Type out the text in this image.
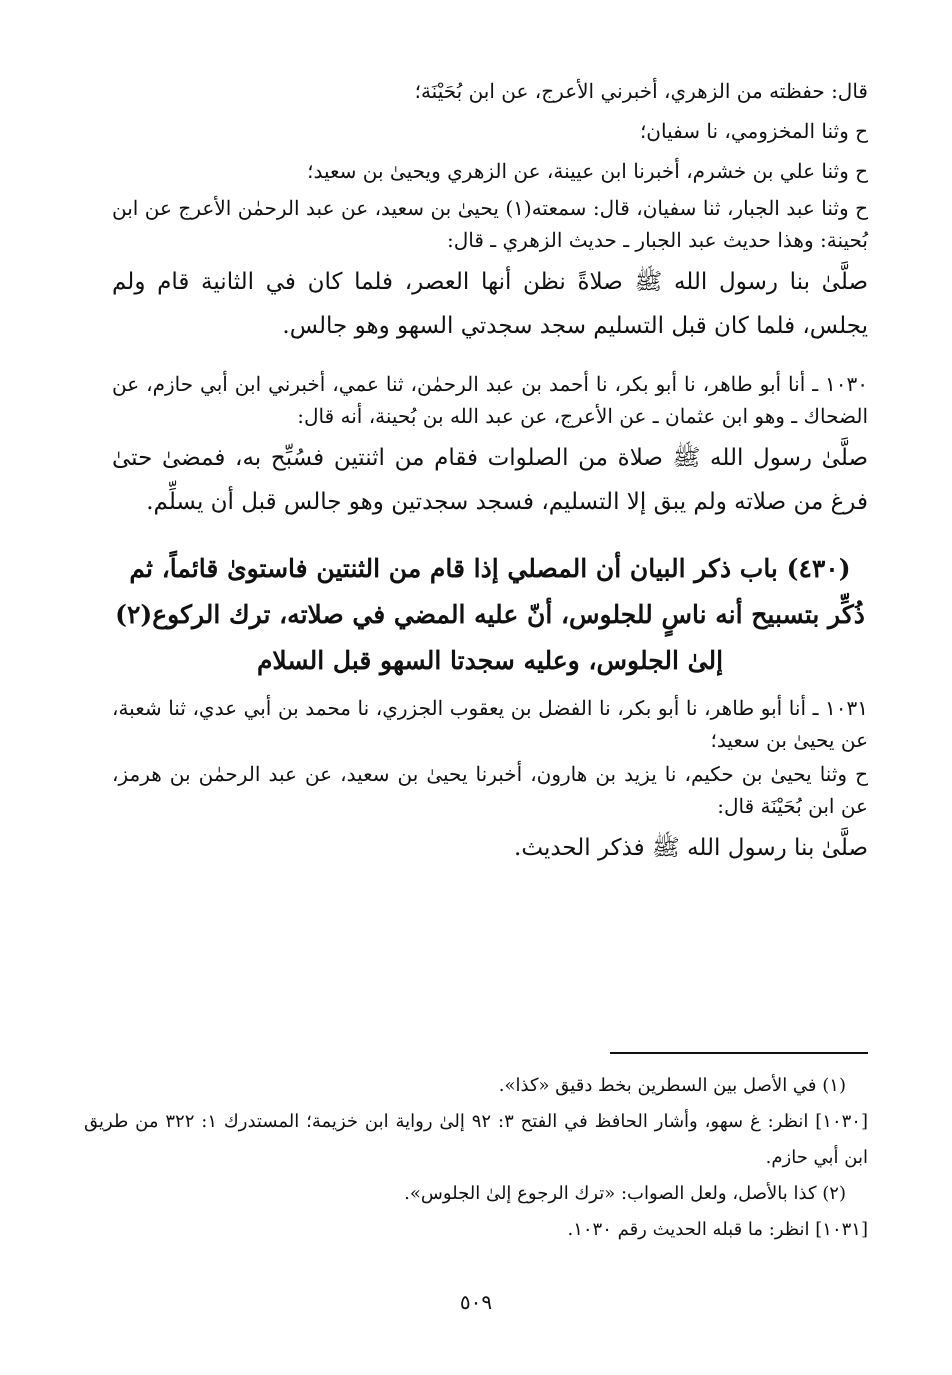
قال: حفظته من الزهري، أخبرني الأعرج، عن ابن بُحَيْنَة؛

ح وثنا المخزومي، نا سفيان؛

ح وثنا علي بن خشرم، أخبرنا ابن عيينة، عن الزهري ويحيىٰ بن سعيد؛

ح وثنا عبد الجبار، ثنا سفيان، قال: سمعته(١) يحيىٰ بن سعيد، عن عبد الرحمٰن الأعرج عن ابن بُحينة: وهذا حديث عبد الجبار ـ حديث الزهري ـ قال:

صلَّىٰ بنا رسول الله ﷺ صلاةً نظن أنها العصر، فلما كان في الثانية قام ولم يجلس، فلما كان قبل التسليم سجد سجدتي السهو وهو جالس.

١٠٣٠ ـ أنا أبو طاهر، نا أبو بكر، نا أحمد بن عبد الرحمٰن، ثنا عمي، أخبرني ابن أبي حازم، عن الضحاك ـ وهو ابن عثمان ـ عن الأعرج، عن عبد الله بن بُحينة، أنه قال:

صلَّىٰ رسول الله ﷺ صلاة من الصلوات فقام من اثنتين فسُبِّح به، فمضىٰ حتىٰ فرغ من صلاته ولم يبق إلا التسليم، فسجد سجدتين وهو جالس قبل أن يسلِّم.

(٤٣٠) باب ذكر البيان أن المصلي إذا قام من الثنتين فاستوىٰ قائماً، ثم ذُكِّر بتسبيح أنه ناسٍ للجلوس، أنّ عليه المضي في صلاته، ترك الركوع(٢) إلىٰ الجلوس، وعليه سجدتا السهو قبل السلام

١٠٣١ ـ أنا أبو طاهر، نا أبو بكر، نا الفضل بن يعقوب الجزري، نا محمد بن أبي عدي، ثنا شعبة، عن يحيىٰ بن سعيد؛

ح وثنا يحيىٰ بن حكيم، نا يزيد بن هارون، أخبرنا يحيىٰ بن سعيد، عن عبد الرحمٰن بن هرمز، عن ابن بُحَيْنَة قال:

صلَّىٰ بنا رسول الله ﷺ فذكر الحديث.

(١) في الأصل بين السطرين بخط دقيق «كذا».

[١٠٣٠] انظر: غ سهو، وأشار الحافظ في الفتح ٣: ٩٢ إلىٰ رواية ابن خزيمة؛ المستدرك ١: ٣٢٢ من طريق ابن أبي حازم.

(٢) كذا بالأصل، ولعل الصواب: «ترك الرجوع إلىٰ الجلوس».

[١٠٣١] انظر: ما قبله الحديث رقم ١٠٣٠.

٥٠٩
